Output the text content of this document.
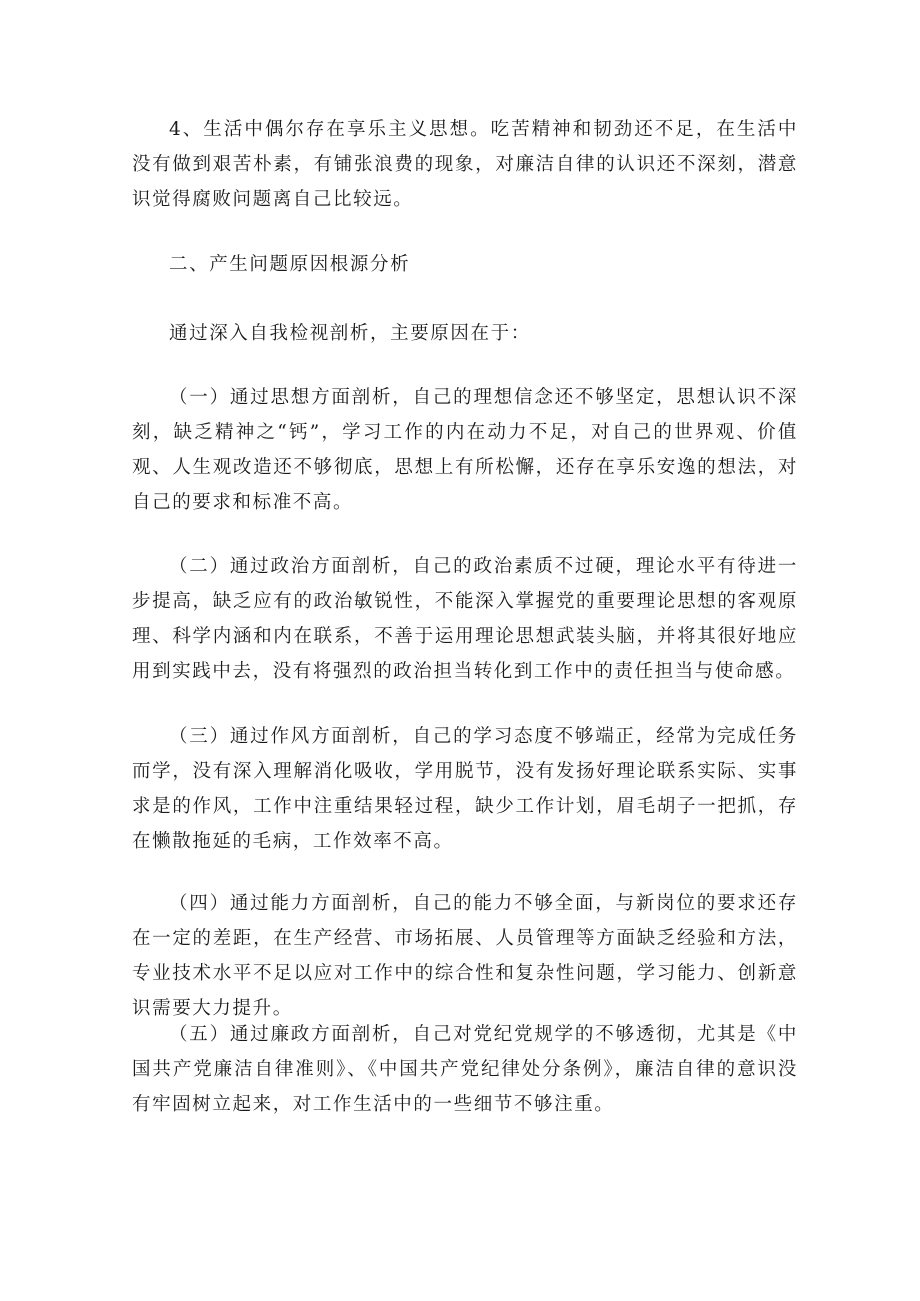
4、生活中偶尔存在享乐主义思想。吃苦精神和韧劲还不足，在生活中没有做到艰苦朴素，有铺张浪费的现象，对廉洁自律的认识还不深刻，潜意识觉得腐败问题离自己比较远。

二、产生问题原因根源分析

通过深入自我检视剖析，主要原因在于：

（一）通过思想方面剖析，自己的理想信念还不够坚定，思想认识不深刻，缺乏精神之“钙”，学习工作的内在动力不足，对自己的世界观、价值观、人生观改造还不够彻底，思想上有所松懈，还存在享乐安逸的想法，对自己的要求和标准不高。

（二）通过政治方面剖析，自己的政治素质不过硬，理论水平有待进一步提高，缺乏应有的政治敏锐性，不能深入掌握党的重要理论思想的客观原理、科学内涵和内在联系，不善于运用理论思想武装头脑，并将其很好地应用到实践中去，没有将强烈的政治担当转化到工作中的责任担当与使命感。

（三）通过作风方面剖析，自己的学习态度不够端正，经常为完成任务而学，没有深入理解消化吸收，学用脱节，没有发扬好理论联系实际、实事求是的作风，工作中注重结果轻过程，缺少工作计划，眉毛胡子一把抓，存在懒散拖延的毛病，工作效率不高。

（四）通过能力方面剖析，自己的能力不够全面，与新岗位的要求还存在一定的差距，在生产经营、市场拓展、人员管理等方面缺乏经验和方法，专业技术水平不足以应对工作中的综合性和复杂性问题，学习能力、创新意识需要大力提升。

（五）通过廉政方面剖析，自己对党纪党规学的不够透彻，尤其是《中国共产党廉洁自律准则》、《中国共产党纪律处分条例》，廉洁自律的意识没有牢固树立起来，对工作生活中的一些细节不够注重。
